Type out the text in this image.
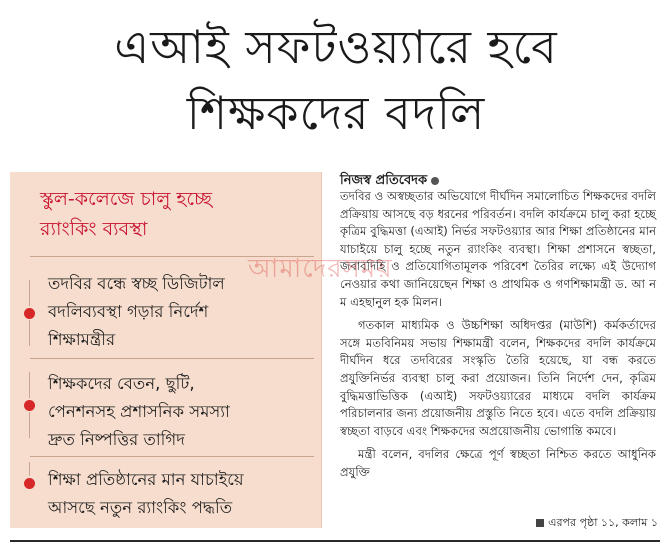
এআই সফটওয়্যারে হবে
শিক্ষকদের বদলি
স্কুল-কলেজে চালু হচ্ছে
র‌্যাংকিং ব্যবস্থা
তদবির বন্ধে স্বচ্ছ ডিজিটাল
বদলিব্যবস্থা গড়ার নির্দেশ
শিক্ষামন্ত্রীর
শিক্ষকদের বেতন, ছুটি,
পেনশনসহ প্রশাসনিক সমস্যা
দ্রুত নিষ্পত্তির তাগিদ
শিক্ষা প্রতিষ্ঠানের মান যাচাইয়ে
আসছে নতুন র‌্যাংকিং পদ্ধতি
নিজস্ব প্রতিবেদক

তদবির ও অস্বচ্ছতার অভিযোগে দীর্ঘদিন সমালোচিত শিক্ষকদের বদলি প্রক্রিয়ায় আসছে বড় ধরনের পরিবর্তন। বদলি কার্যক্রমে চালু করা হচ্ছে কৃত্রিম বুদ্ধিমত্তা (এআই) নির্ভর সফটওয়্যার আর শিক্ষা প্রতিষ্ঠানের মান যাচাইয়ে চালু হচ্ছে নতুন র‌্যাংকিং ব্যবস্থা। শিক্ষা প্রশাসনে স্বচ্ছতা, জবাবদিহি ও প্রতিযোগিতামূলক পরিবেশ তৈরির লক্ষ্যে এই উদ্যোগ নেওয়ার কথা জানিয়েছেন শিক্ষা ও প্রাথমিক ও গণশিক্ষামন্ত্রী ড. আ ন ম এহছানুল হক মিলন।

গতকাল মাধ্যমিক ও উচ্চশিক্ষা অধিদপ্তর (মাউশি) কর্মকর্তাদের সঙ্গে মতবিনিময় সভায় শিক্ষামন্ত্রী বলেন, শিক্ষকদের বদলি কার্যক্রমে দীর্ঘদিন ধরে তদবিরের সংস্কৃতি তৈরি হয়েছে, যা বন্ধ করতে প্রযুক্তিনির্ভর ব্যবস্থা চালু করা প্রয়োজন। তিনি নির্দেশ দেন, কৃত্রিম বুদ্ধিমত্তাভিত্তিক (এআই) সফটওয়্যারের মাধ্যমে বদলি কার্যক্রম পরিচালনার জন্য প্রয়োজনীয় প্রস্তুতি নিতে হবে। এতে বদলি প্রক্রিয়ায় স্বচ্ছতা বাড়বে এবং শিক্ষকদের অপ্রয়োজনীয় ভোগান্তি কমবে।

মন্ত্রী বলেন, বদলির ক্ষেত্রে পূর্ণ স্বচ্ছতা নিশ্চিত করতে আধুনিক প্রযুক্তি

আমাদেরসময়
এরপর পৃষ্ঠা ১১, কলাম ১
